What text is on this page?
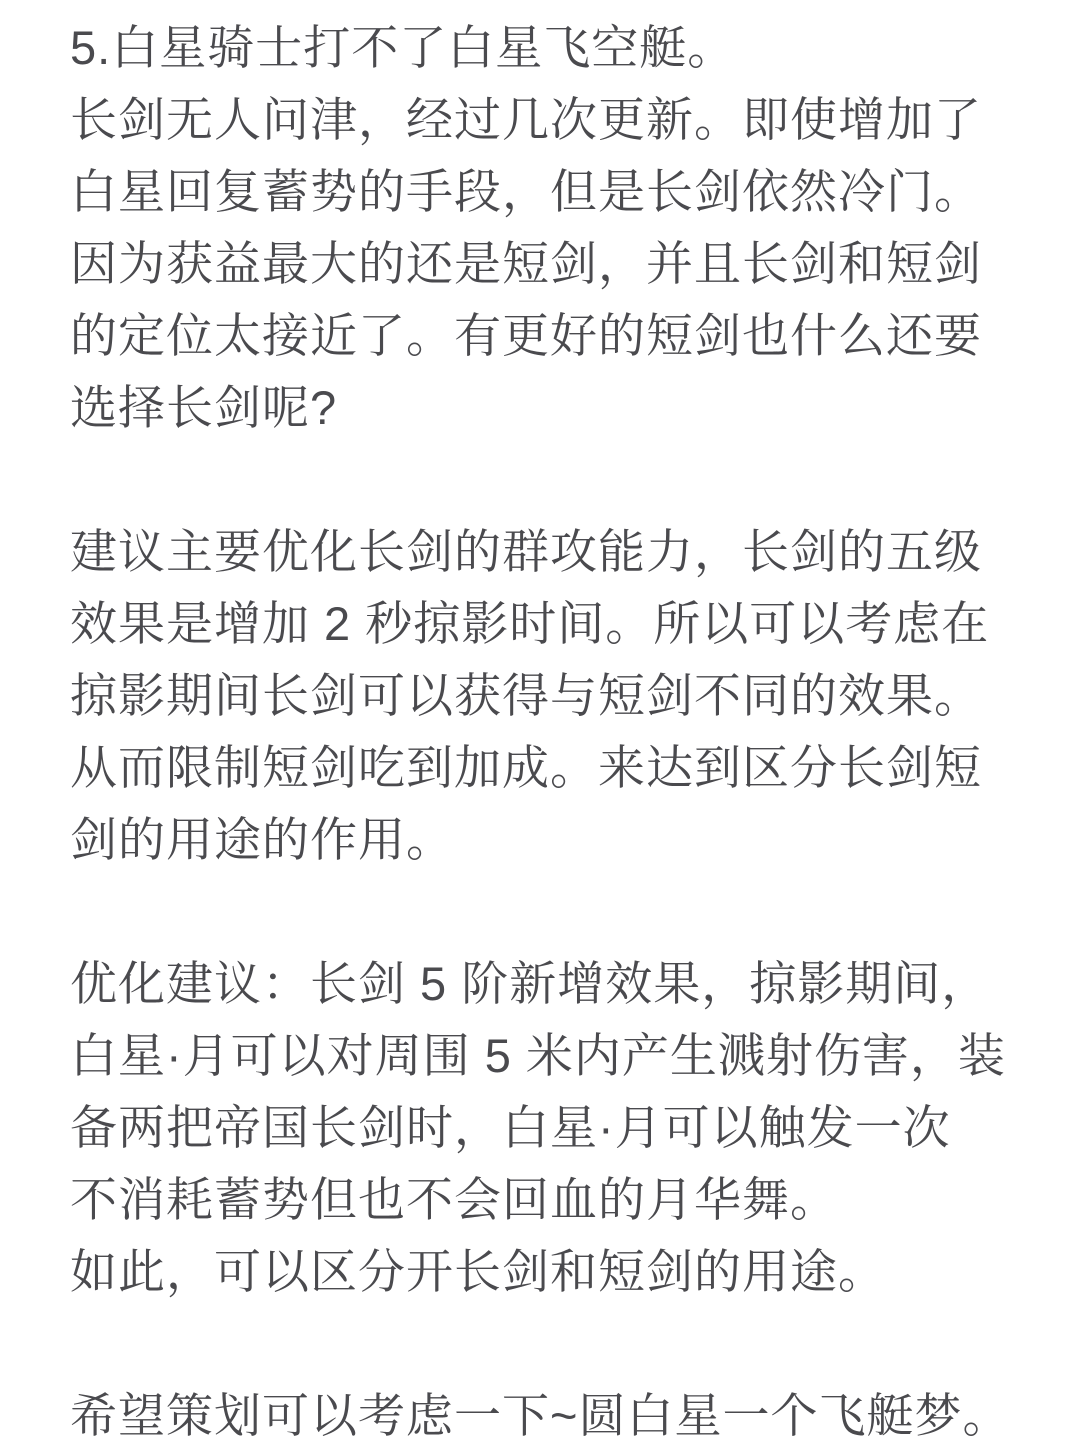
5.白星骑士打不了白星飞空艇。
长剑无人问津，经过几次更新。即使增加了
白星回复蓄势的手段，但是长剑依然冷门。
因为获益最大的还是短剑，并且长剑和短剑
的定位太接近了。有更好的短剑也什么还要
选择长剑呢?
建议主要优化长剑的群攻能力，长剑的五级
效果是增加 2 秒掠影时间。所以可以考虑在
掠影期间长剑可以获得与短剑不同的效果。
从而限制短剑吃到加成。来达到区分长剑短
剑的用途的作用。
优化建议：长剑 5 阶新增效果，掠影期间，
白星·月可以对周围 5 米内产生溅射伤害，装
备两把帝国长剑时，白星·月可以触发一次
不消耗蓄势但也不会回血的月华舞。
如此，可以区分开长剑和短剑的用途。
希望策划可以考虑一下~圆白星一个飞艇梦。
